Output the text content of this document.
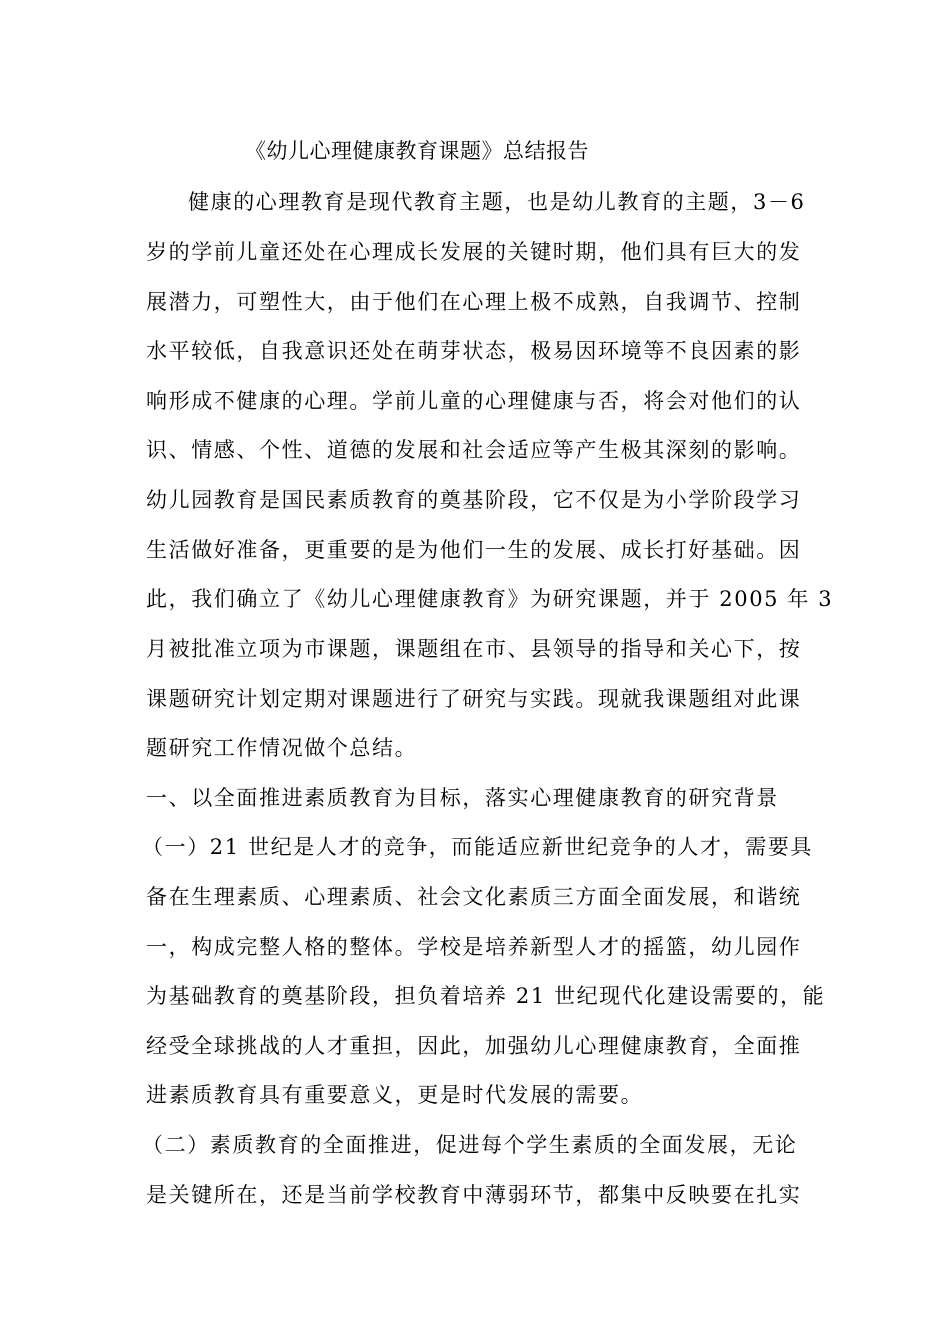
《幼儿心理健康教育课题》总结报告
健康的心理教育是现代教育主题，也是幼儿教育的主题，3－6
岁的学前儿童还处在心理成长发展的关键时期，他们具有巨大的发
展潜力，可塑性大，由于他们在心理上极不成熟，自我调节、控制
水平较低，自我意识还处在萌芽状态，极易因环境等不良因素的影
响形成不健康的心理。学前儿童的心理健康与否，将会对他们的认
识、情感、个性、道德的发展和社会适应等产生极其深刻的影响。
幼儿园教育是国民素质教育的奠基阶段，它不仅是为小学阶段学习
生活做好准备，更重要的是为他们一生的发展、成长打好基础。因
此，我们确立了《幼儿心理健康教育》为研究课题，并于 2005 年 3
月被批准立项为市课题，课题组在市、县领导的指导和关心下，按
课题研究计划定期对课题进行了研究与实践。现就我课题组对此课
题研究工作情况做个总结。
一、以全面推进素质教育为目标，落实心理健康教育的研究背景
（一）21 世纪是人才的竞争，而能适应新世纪竞争的人才，需要具
备在生理素质、心理素质、社会文化素质三方面全面发展，和谐统
一，构成完整人格的整体。学校是培养新型人才的摇篮，幼儿园作
为基础教育的奠基阶段，担负着培养 21 世纪现代化建设需要的，能
经受全球挑战的人才重担，因此，加强幼儿心理健康教育，全面推
进素质教育具有重要意义，更是时代发展的需要。
（二）素质教育的全面推进，促进每个学生素质的全面发展，无论
是关键所在，还是当前学校教育中薄弱环节，都集中反映要在扎实
